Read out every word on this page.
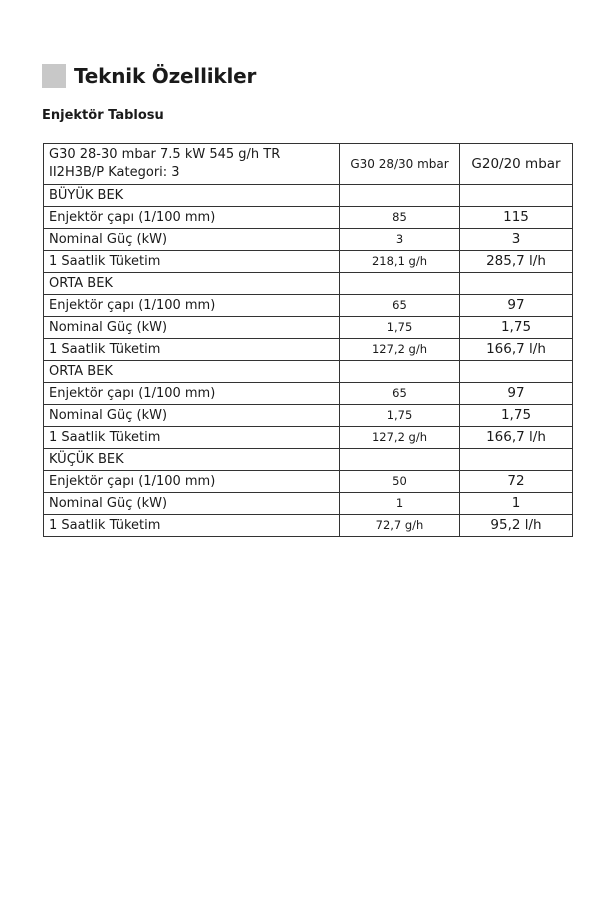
Teknik Özellikler
Enjektör Tablosu
G30 28-30 mbar 7.5 kW 545 g/h TR
II2H3B/P Kategori: 3	G30 28/30 mbar	G20/20 mbar
BÜYÜK BEK		
Enjektör çapı (1/100 mm)	85	115
Nominal Güç (kW)	3	3
1 Saatlik Tüketim	218,1 g/h	285,7 l/h
ORTA BEK		
Enjektör çapı (1/100 mm)	65	97
Nominal Güç (kW)	1,75	1,75
1 Saatlik Tüketim	127,2 g/h	166,7 l/h
ORTA BEK		
Enjektör çapı (1/100 mm)	65	97
Nominal Güç (kW)	1,75	1,75
1 Saatlik Tüketim	127,2 g/h	166,7 l/h
KÜÇÜK BEK		
Enjektör çapı (1/100 mm)	50	72
Nominal Güç (kW)	1	1
1 Saatlik Tüketim	72,7 g/h	95,2 l/h
